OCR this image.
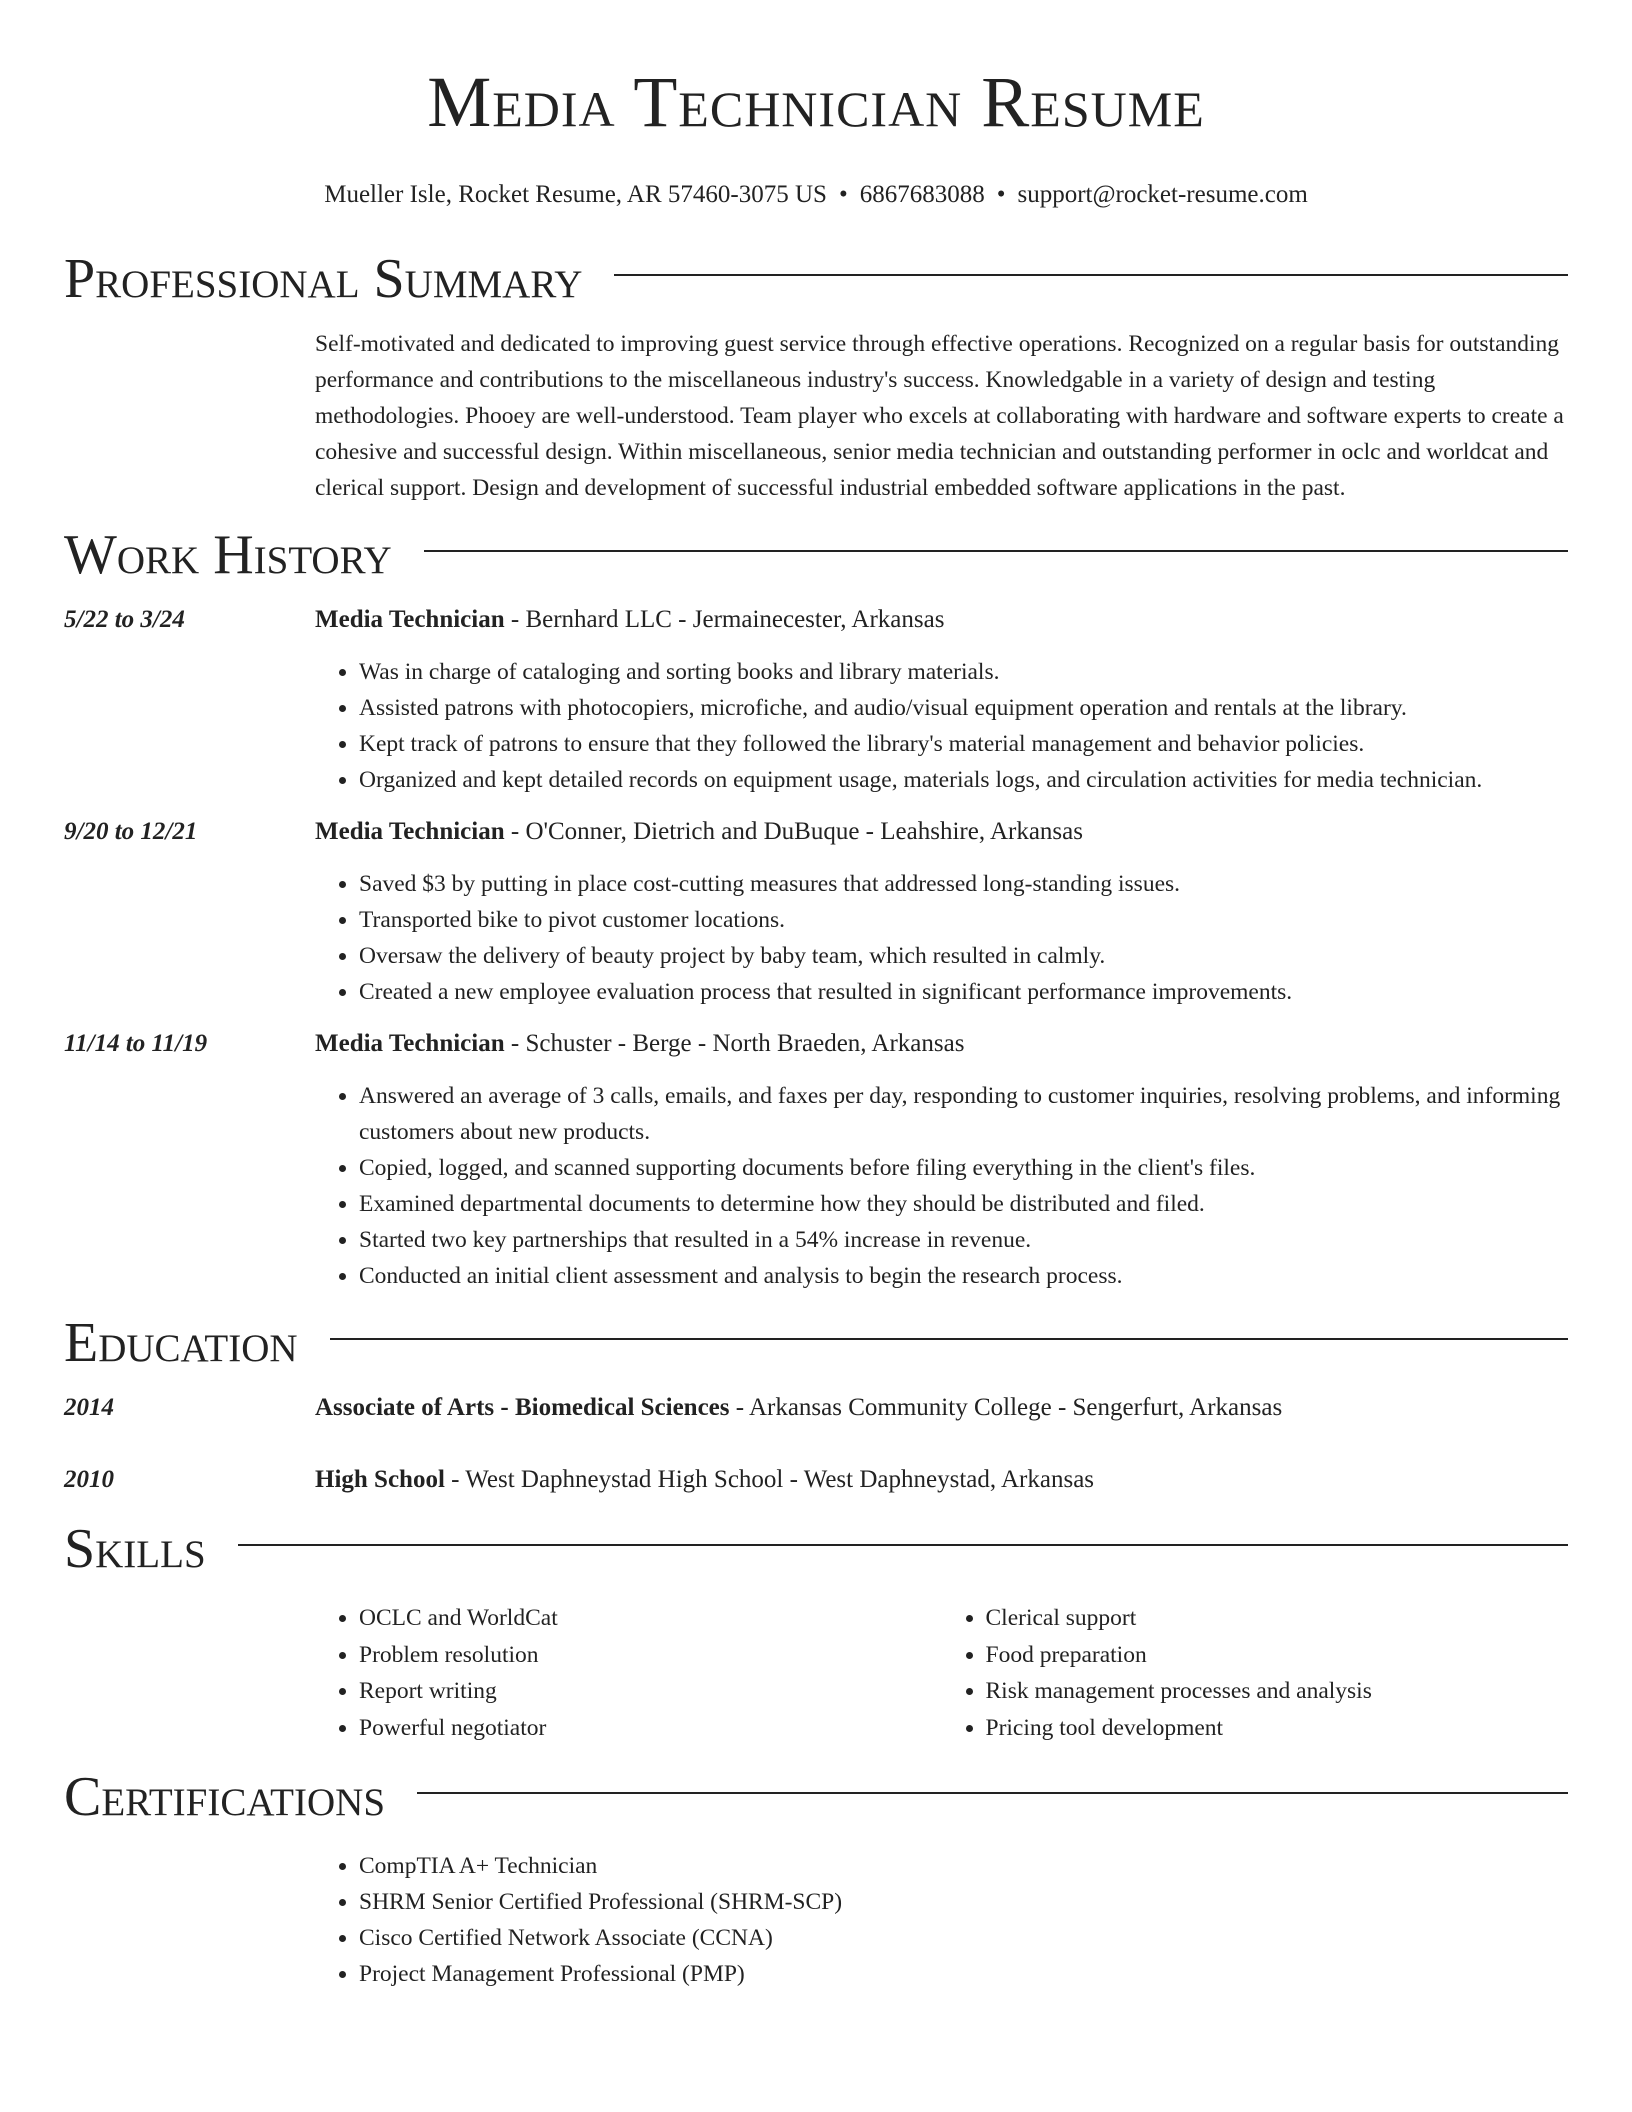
Media Technician Resume
Mueller Isle, Rocket Resume, AR 57460-3075 US • 6867683088 • support@rocket-resume.com
Professional Summary

Self-motivated and dedicated to improving guest service through effective operations. Recognized on a regular basis for outstanding performance and contributions to the miscellaneous industry's success. Knowledgable in a variety of design and testing methodologies. Phooey are well-understood. Team player who excels at collaborating with hardware and software experts to create a cohesive and successful design. Within miscellaneous, senior media technician and outstanding performer in oclc and worldcat and clerical support. Design and development of successful industrial embedded software applications in the past.

Work History
5/22 to 3/24	Media Technician - Bernhard LLC - Jermainecester, Arkansas
• Was in charge of cataloging and sorting books and library materials.
• Assisted patrons with photocopiers, microfiche, and audio/visual equipment operation and rentals at the library.
• Kept track of patrons to ensure that they followed the library's material management and behavior policies.
• Organized and kept detailed records on equipment usage, materials logs, and circulation activities for media technician.
9/20 to 12/21	Media Technician - O'Conner, Dietrich and DuBuque - Leahshire, Arkansas
• Saved $3 by putting in place cost-cutting measures that addressed long-standing issues.
• Transported bike to pivot customer locations.
• Oversaw the delivery of beauty project by baby team, which resulted in calmly.
• Created a new employee evaluation process that resulted in significant performance improvements.
11/14 to 11/19	Media Technician - Schuster - Berge - North Braeden, Arkansas
• Answered an average of 3 calls, emails, and faxes per day, responding to customer inquiries, resolving problems, and informing customers about new products.
• Copied, logged, and scanned supporting documents before filing everything in the client's files.
• Examined departmental documents to determine how they should be distributed and filed.
• Started two key partnerships that resulted in a 54% increase in revenue.
• Conducted an initial client assessment and analysis to begin the research process.
Education
2014	Associate of Arts - Biomedical Sciences - Arkansas Community College - Sengerfurt, Arkansas
2010	High School - West Daphneystad High School - West Daphneystad, Arkansas
Skills
• OCLC and WorldCat
• Problem resolution
• Report writing
• Powerful negotiator
• Clerical support
• Food preparation
• Risk management processes and analysis
• Pricing tool development
Certifications
• CompTIA A+ Technician
• SHRM Senior Certified Professional (SHRM-SCP)
• Cisco Certified Network Associate (CCNA)
• Project Management Professional (PMP)
